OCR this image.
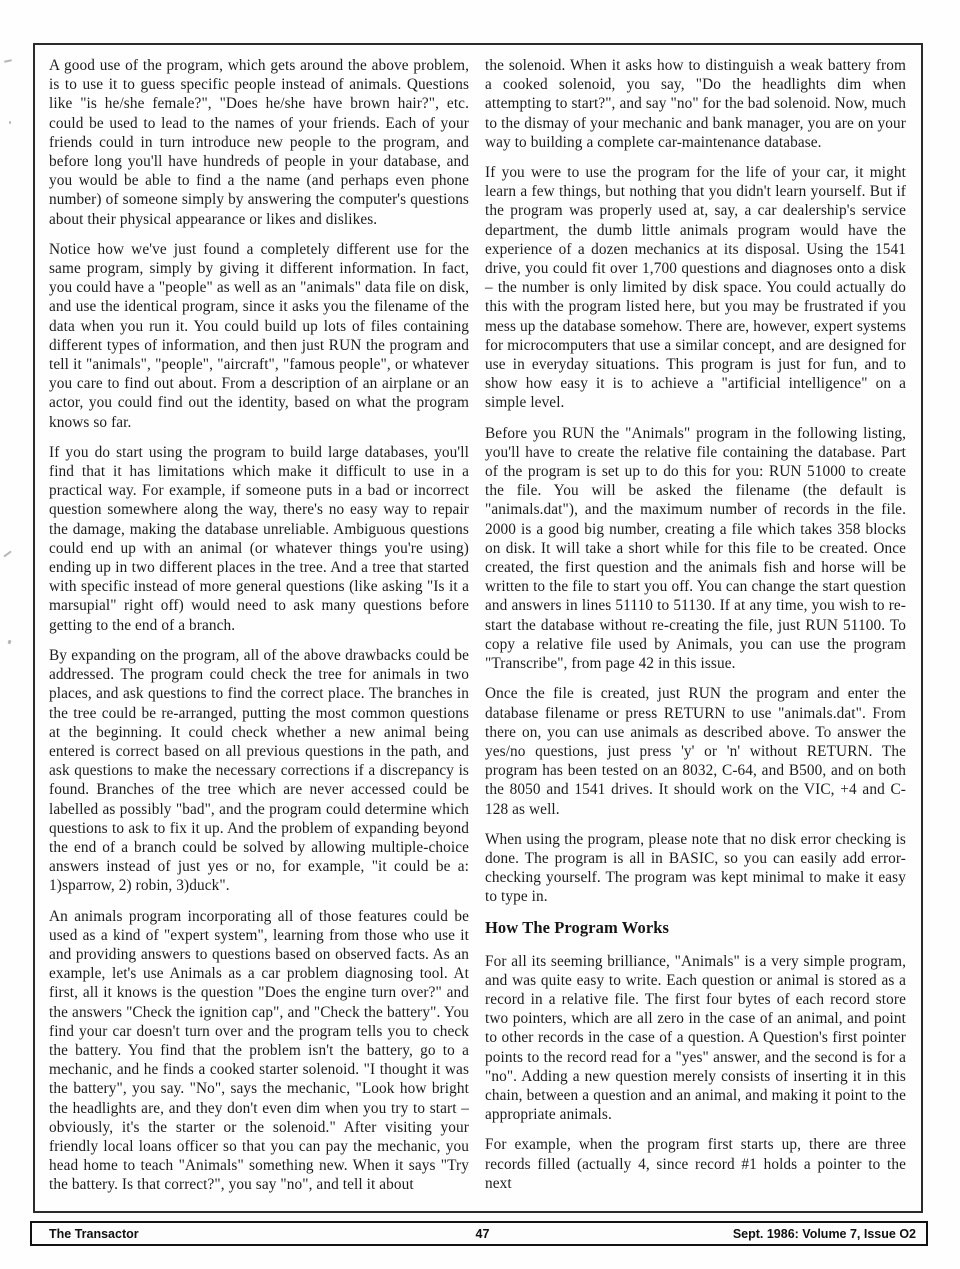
A good use of the program, which gets around the above problem, is to use it to guess specific people instead of animals. Questions like "is he/she female?", "Does he/she have brown hair?", etc. could be used to lead to the names of your friends. Each of your friends could in turn introduce new people to the program, and before long you'll have hundreds of people in your database, and you would be able to find a the name (and perhaps even phone number) of someone simply by answering the computer's questions about their physical appearance or likes and dislikes.

Notice how we've just found a completely different use for the same program, simply by giving it different information. In fact, you could have a "people" as well as an "animals" data file on disk, and use the identical program, since it asks you the filename of the data when you run it. You could build up lots of files containing different types of information, and then just RUN the program and tell it "animals", "people", "aircraft", "famous people", or whatever you care to find out about. From a description of an airplane or an actor, you could find out the identity, based on what the program knows so far.

If you do start using the program to build large databases, you'll find that it has limitations which make it difficult to use in a practical way. For example, if someone puts in a bad or incorrect question somewhere along the way, there's no easy way to repair the damage, making the database unreliable. Ambiguous questions could end up with an animal (or whatever things you're using) ending up in two different places in the tree. And a tree that started with specific instead of more general questions (like asking "Is it a marsupial" right off) would need to ask many questions before getting to the end of a branch.

By expanding on the program, all of the above drawbacks could be addressed. The program could check the tree for animals in two places, and ask questions to find the correct place. The branches in the tree could be re-arranged, putting the most common questions at the beginning. It could check whether a new animal being entered is correct based on all previous questions in the path, and ask questions to make the necessary corrections if a discrepancy is found. Branches of the tree which are never accessed could be labelled as possibly "bad", and the program could determine which questions to ask to fix it up. And the problem of expanding beyond the end of a branch could be solved by allowing multiple-choice answers instead of just yes or no, for example, "it could be a: 1)sparrow, 2) robin, 3)duck".

An animals program incorporating all of those features could be used as a kind of "expert system", learning from those who use it and providing answers to questions based on observed facts. As an example, let's use Animals as a car problem diagnosing tool. At first, all it knows is the question "Does the engine turn over?" and the answers "Check the ignition cap", and "Check the battery". You find your car doesn't turn over and the program tells you to check the battery. You find that the problem isn't the battery, go to a mechanic, and he finds a cooked starter solenoid. "I thought it was the battery", you say. "No", says the mechanic, "Look how bright the headlights are, and they don't even dim when you try to start – obviously, it's the starter or the solenoid." After visiting your friendly local loans officer so that you can pay the mechanic, you head home to teach "Animals" something new. When it says "Try the battery. Is that correct?", you say "no", and tell it about

the solenoid. When it asks how to distinguish a weak battery from a cooked solenoid, you say, "Do the headlights dim when attempting to start?", and say "no" for the bad solenoid. Now, much to the dismay of your mechanic and bank manager, you are on your way to building a complete car-maintenance database.

If you were to use the program for the life of your car, it might learn a few things, but nothing that you didn't learn yourself. But if the program was properly used at, say, a car dealership's service department, the dumb little animals program would have the experience of a dozen mechanics at its disposal. Using the 1541 drive, you could fit over 1,700 questions and diagnoses onto a disk – the number is only limited by disk space. You could actually do this with the program listed here, but you may be frustrated if you mess up the database somehow. There are, however, expert systems for microcomputers that use a similar concept, and are designed for use in everyday situations. This program is just for fun, and to show how easy it is to achieve a "artificial intelligence" on a simple level.

Before you RUN the "Animals" program in the following listing, you'll have to create the relative file containing the database. Part of the program is set up to do this for you: RUN 51000 to create the file. You will be asked the filename (the default is "animals.dat"), and the maximum number of records in the file. 2000 is a good big number, creating a file which takes 358 blocks on disk. It will take a short while for this file to be created. Once created, the first question and the animals fish and horse will be written to the file to start you off. You can change the start question and answers in lines 51110 to 51130. If at any time, you wish to re-start the database without re-creating the file, just RUN 51100. To copy a relative file used by Animals, you can use the program "Transcribe", from page 42 in this issue.

Once the file is created, just RUN the program and enter the database filename or press RETURN to use "animals.dat". From there on, you can use animals as described above. To answer the yes/no questions, just press 'y' or 'n' without RETURN. The program has been tested on an 8032, C-64, and B500, and on both the 8050 and 1541 drives. It should work on the VIC, +4 and C-128 as well.

When using the program, please note that no disk error checking is done. The program is all in BASIC, so you can easily add error-checking yourself. The program was kept minimal to make it easy to type in.

How The Program Works

For all its seeming brilliance, "Animals" is a very simple program, and was quite easy to write. Each question or animal is stored as a record in a relative file. The first four bytes of each record store two pointers, which are all zero in the case of an animal, and point to other records in the case of a question. A Question's first pointer points to the record read for a "yes" answer, and the second is for a "no". Adding a new question merely consists of inserting it in this chain, between a question and an animal, and making it point to the appropriate animals.

For example, when the program first starts up, there are three records filled (actually 4, since record #1 holds a pointer to the next

The Transactor	47	Sept. 1986: Volume 7, Issue O2
